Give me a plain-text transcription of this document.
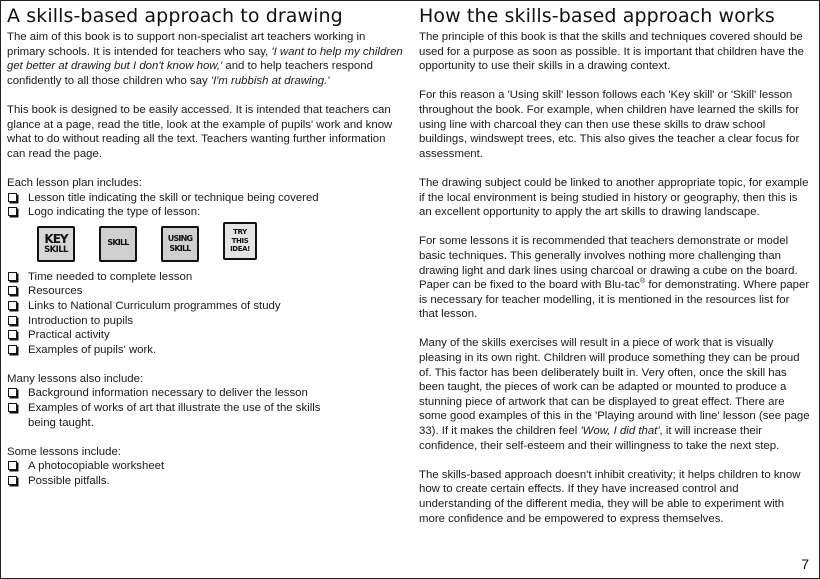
A skills-based approach to drawing

The aim of this book is to support non-specialist art teachers working in primary schools. It is intended for teachers who say, 'I want to help my children get better at drawing but I don't know how,' and to help teachers respond confidently to all those children who say 'I'm rubbish at drawing.'

This book is designed to be easily accessed. It is intended that teachers can glance at a page, read the title, look at the example of pupils' work and know what to do without reading all the text. Teachers wanting further information can read the page.

Each lesson plan includes:
Lesson title indicating the skill or technique being covered
Logo indicating the type of lesson:
KEY
SKILL
SKILL
USING
SKILL
TRY
THIS
IDEA!
Time needed to complete lesson
Resources
Links to National Curriculum programmes of study
Introduction to pupils
Practical activity
Examples of pupils' work.
Many lessons also include:
Background information necessary to deliver the lesson
Examples of works of art that illustrate the use of the skills being taught.
Some lessons include:
A photocopiable worksheet
Possible pitfalls.
How the skills-based approach works

The principle of this book is that the skills and techniques covered should be used for a purpose as soon as possible. It is important that children have the opportunity to use their skills in a drawing context.

For this reason a 'Using skill' lesson follows each 'Key skill' or 'Skill' lesson throughout the book. For example, when children have learned the skills for using line with charcoal they can then use these skills to draw school buildings, windswept trees, etc. This also gives the teacher a clear focus for assessment.

The drawing subject could be linked to another appropriate topic, for example if the local environment is being studied in history or geography, then this is an excellent opportunity to apply the art skills to drawing landscape.

For some lessons it is recommended that teachers demonstrate or model basic techniques. This generally involves nothing more challenging than drawing light and dark lines using charcoal or drawing a cube on the board. Paper can be fixed to the board with Blu-tac® for demonstrating. Where paper is necessary for teacher modelling, it is mentioned in the resources list for that lesson.

Many of the skills exercises will result in a piece of work that is visually pleasing in its own right. Children will produce something they can be proud of. This factor has been deliberately built in. Very often, once the skill has been taught, the pieces of work can be adapted or mounted to produce a stunning piece of artwork that can be displayed to great effect. There are some good examples of this in the 'Playing around with line' lesson (see page 33). If it makes the children feel 'Wow, I did that', it will increase their confidence, their self-esteem and their willingness to take the next step.

The skills-based approach doesn't inhibit creativity; it helps children to know how to create certain effects. If they have increased control and understanding of the different media, they will be able to experiment with more confidence and be empowered to express themselves.

7
